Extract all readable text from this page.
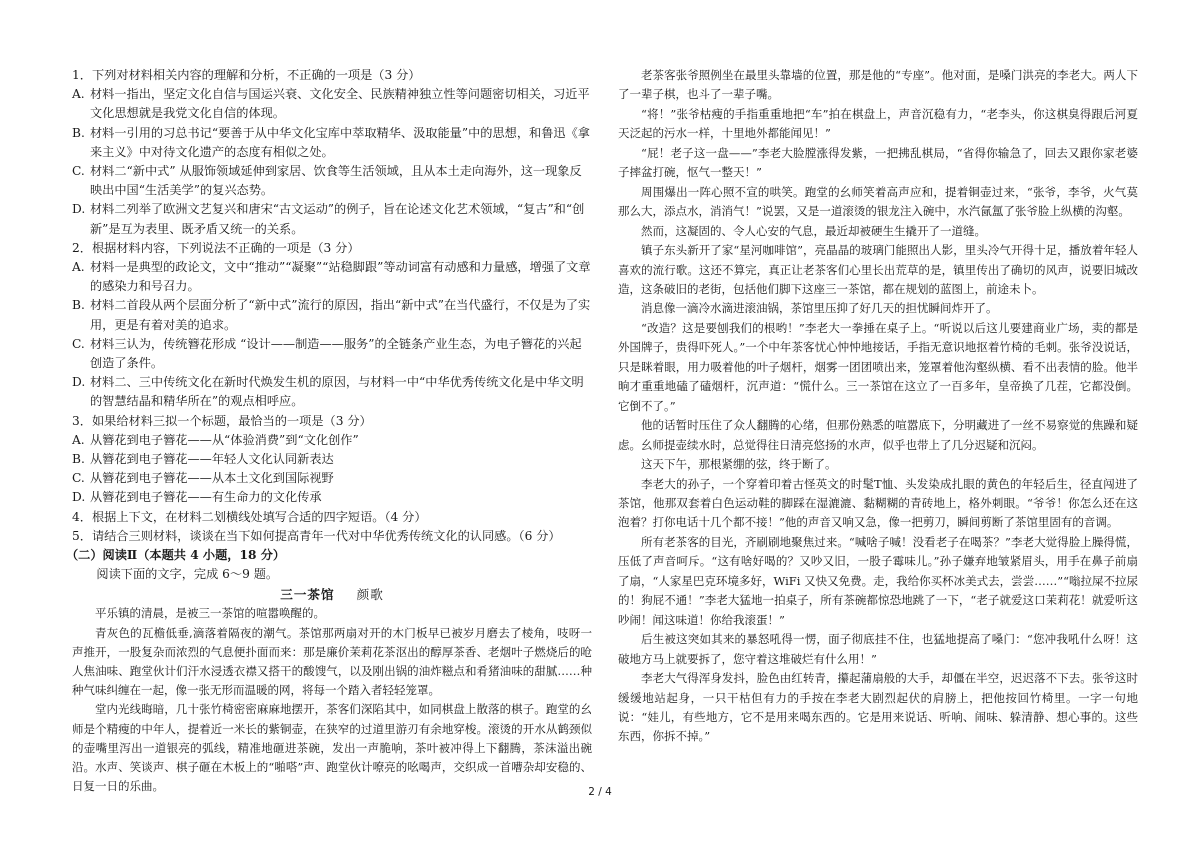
1．下列对材料相关内容的理解和分析，不正确的一项是（3 分）

A. 材料一指出，坚定文化自信与国运兴衰、文化安全、民族精神独立性等问题密切相关，习近平文化思想就是我党文化自信的体现。

B. 材料一引用的习总书记“要善于从中华文化宝库中萃取精华、汲取能量”中的思想，和鲁迅《拿来主义》中对待文化遗产的态度有相似之处。

C. 材料二“新中式” 从服饰领域延伸到家居、饮食等生活领域，且从本土走向海外，这一现象反映出中国“生活美学”的复兴态势。

D. 材料二列举了欧洲文艺复兴和唐宋“古文运动”的例子，旨在论述文化艺术领域，“复古”和“创新”是互为表里、既矛盾又统一的关系。

2．根据材料内容，下列说法不正确的一项是（3 分）

A. 材料一是典型的政论文，文中“推动”“凝聚”“站稳脚跟”等动词富有动感和力量感，增强了文章的感染力和号召力。

B. 材料二首段从两个层面分析了“新中式”流行的原因，指出“新中式”在当代盛行，不仅是为了实用，更是有着对美的追求。

C. 材料三认为，传统簪花形成 “设计——制造——服务”的全链条产业生态，为电子簪花的兴起创造了条件。

D. 材料二、三中传统文化在新时代焕发生机的原因，与材料一中“中华优秀传统文化是中华文明的智慧结晶和精华所在”的观点相呼应。

3．如果给材料三拟一个标题，最恰当的一项是（3 分）

A. 从簪花到电子簪花——从“体验消费”到“文化创作”

B. 从簪花到电子簪花——年轻人文化认同新表达

C. 从簪花到电子簪花——从本土文化到国际视野

D. 从簪花到电子簪花——有生命力的文化传承

4．根据上下文，在材料二划横线处填写合适的四字短语。（4 分）

5．请结合三则材料，谈谈在当下如何提高青年一代对中华优秀传统文化的认同感。（6 分）

（二）阅读Ⅱ（本题共 4 小题，18 分）

阅读下面的文字，完成 6～9 题。

三一茶馆 颜歌

平乐镇的清晨，是被三一茶馆的喧嚣唤醒的。

青灰色的瓦檐低垂,滴落着隔夜的潮气。茶馆那两扇对开的木门板早已被岁月磨去了棱角，吱呀一声推开，一股复杂而浓烈的气息便扑面而来：那是廉价茉莉花茶沤出的醇厚茶香、老烟叶子燃烧后的呛人焦油味、跑堂伙计们汗水浸透衣襟又搭干的酸馊气，以及刚出锅的油炸糍点和肴猪油味的甜腻……种种气味纠缠在一起，像一张无形而温暖的网，将每一个踏入者轻轻笼罩。

堂内光线晦暗，几十张竹椅密密麻麻地摆开，茶客们深陷其中，如同棋盘上散落的棋子。跑堂的幺师是个精瘦的中年人，提着近一米长的紫铜壶，在狭窄的过道里游刃有余地穿梭。滚烫的开水从鹤颈似的壶嘴里泻出一道银亮的弧线，精准地砸进茶碗，发出一声脆响，茶叶被冲得上下翻腾，茶沫溢出碗沿。水声、笑谈声、棋子砸在木板上的“啪嗒”声、跑堂伙计嘹亮的吆喝声，交织成一首嘈杂却安稳的、日复一日的乐曲。

老茶客张爷照例坐在最里头靠墙的位置，那是他的“专座”。他对面，是嗓门洪亮的李老大。两人下了一辈子棋，也斗了一辈子嘴。

“将！”张爷枯瘦的手指重重地把“车”拍在棋盘上，声音沉稳有力，“老李头，你这棋臭得跟后河夏天泛起的污水一样，十里地外都能闻见！”

“屁！老子这一盘——”李老大脸膛涨得发紫，一把拂乱棋局，“省得你输急了，回去又跟你家老婆子摔盆打碗，怄气一整天！”

周围爆出一阵心照不宣的哄笑。跑堂的幺师笑着高声应和，提着铜壶过来，“张爷，李爷，火气莫那么大，添点水，消消气！”说罢，又是一道滚烫的银龙注入碗中，水汽氤氲了张爷脸上纵横的沟壑。

然而，这凝固的、令人心安的气息，最近却被硬生生撬开了一道缝。

镇子东头新开了家“星河咖啡馆”，亮晶晶的玻璃门能照出人影，里头冷气开得十足，播放着年轻人喜欢的流行歌。这还不算完，真正让老茶客们心里长出荒草的是，镇里传出了确切的风声，说要旧城改造，这条破旧的老街，包括他们脚下这座三一茶馆，都在规划的蓝图上，前途未卜。

消息像一滴冷水滴进滚油锅，茶馆里压抑了好几天的担忧瞬间炸开了。

“改造？这是要刨我们的根哟！”李老大一拳捶在桌子上。“听说以后这儿要建商业广场，卖的都是外国牌子，贵得吓死人。”一个中年茶客忧心忡忡地接话，手指无意识地抠着竹椅的毛刺。张爷没说话，只是眯着眼，用力吸着他的叶子烟杆，烟雾一团团喷出来，笼罩着他沟壑纵横、看不出表情的脸。他半晌才重重地磕了磕烟杆，沉声道：“慌什么。三一茶馆在这立了一百多年，皇帝换了几茬，它都没倒。它倒不了。”

他的话暂时压住了众人翻腾的心绪，但那份熟悉的喧嚣底下，分明藏进了一丝不易察觉的焦躁和疑虑。幺师提壶续水时，总觉得往日清亮悠扬的水声，似乎也带上了几分迟疑和沉闷。

这天下午，那根紧绷的弦，终于断了。

李老大的孙子，一个穿着印着古怪英文的时髦T恤、头发染成扎眼的黄色的年轻后生，径直闯进了茶馆，他那双套着白色运动鞋的脚踩在湿漉漉、黏糊糊的青砖地上，格外刺眼。“爷爷！你怎么还在这泡着？打你电话十几个都不接！”他的声音又响又急，像一把剪刀，瞬间剪断了茶馆里固有的音调。

所有老茶客的目光，齐刷刷地聚焦过来。“喊啥子喊！没看老子在喝茶？”李老大觉得脸上臊得慌，压低了声音呵斥。“这有啥好喝的？又吵又旧，一股子霉味儿。”孙子嫌弃地皱紧眉头，用手在鼻子前扇了扇，“人家星巴克环境多好，WiFi 又快又免费。走，我给你买杯冰美式去，尝尝……”“嗡拉屎不拉尿的！狗屁不通！”李老大猛地一拍桌子，所有茶碗都惊恐地跳了一下，“老子就爱这口茉莉花！就爱听这吵闹！闻这味道！你给我滚蛋！”

后生被这突如其来的暴怒吼得一愣，面子彻底挂不住，也猛地提高了嗓门：“您冲我吼什么呀！这破地方马上就要拆了，您守着这堆破烂有什么用！”

李老大气得浑身发抖，脸色由红转青，攥起蒲扇般的大手，却僵在半空，迟迟落不下去。张爷这时缓缓地站起身，一只干枯但有力的手按在李老大剧烈起伏的肩膀上，把他按回竹椅里。一字一句地说：“娃儿，有些地方，它不是用来喝东西的。它是用来说话、听响、闹味、躲清静、想心事的。这些东西，你拆不掉。”

2 / 4
